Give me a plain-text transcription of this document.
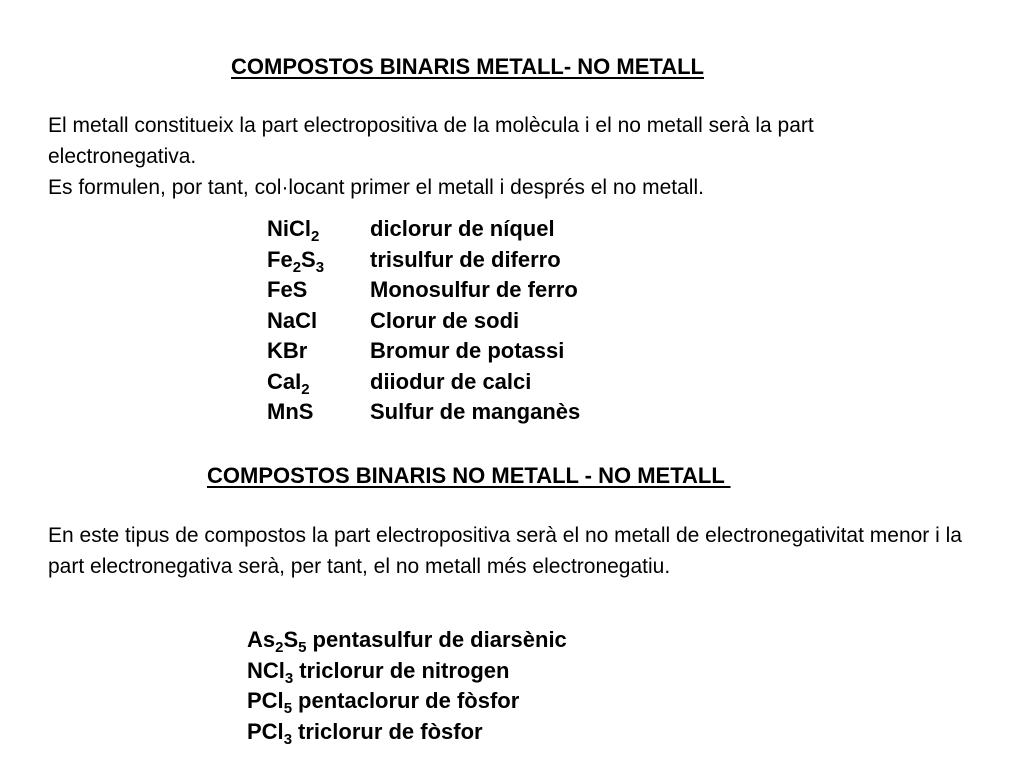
COMPOSTOS BINARIS METALL- NO METALL

El metall constitueix la part electropositiva de la molècula i el no metall serà la part electronegativa.

Es formulen, por tant, col·locant primer el metall i després el no metall.

NiCl$_2$ diclorur de níquel
$Fe_2S_3$ trisulfur de diferro
FeS	Monosulfur de ferro
NaCl Clorur de sodi
KBr	Bromur de potassi
CaI$_2$	diiodur de calci
MnS	Sulfur de manganès
COMPOSTOS BINARIS NO METALL - NO METALL

En este tipus de compostos la part electropositiva serà el no metall de electronegativitat menor i la part electronegativa serà, per tant, el no metall més electronegatiu.

$As_2S_5$ pentasulfur de diarsènic
NCl$_3$ triclorur de nitrogen
PCl$_5$ pentaclorur de fòsfor
PCl$_3$ triclorur de fòsfor
